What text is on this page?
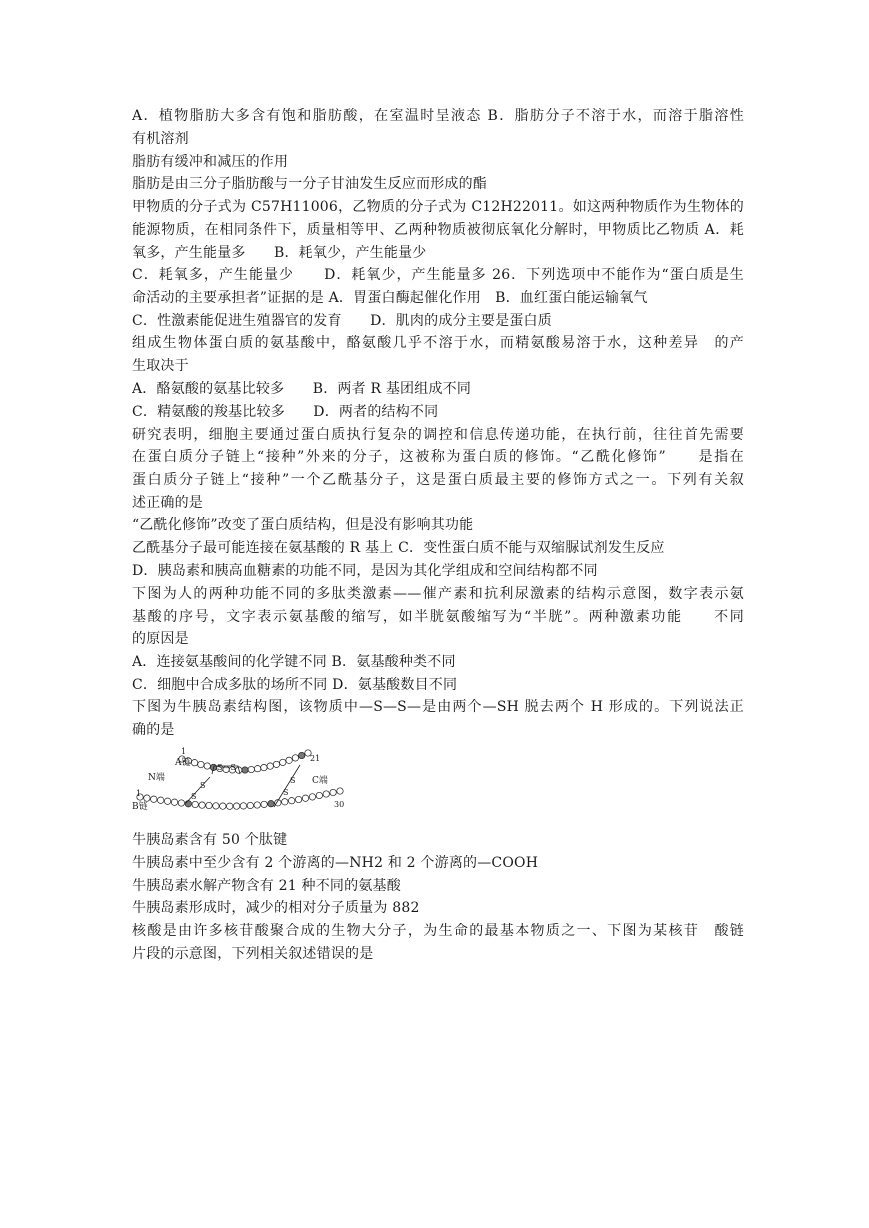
A．植物脂肪大多含有饱和脂肪酸，在室温时呈液态 B．脂肪分子不溶于水，而溶于脂溶性
有机溶剂
脂肪有缓冲和减压的作用
脂肪是由三分子脂肪酸与一分子甘油发生反应而形成的酯
甲物质的分子式为 C57H11006，乙物质的分子式为 C12H22011。如这两种物质作为生物体的
能源物质，在相同条件下，质量相等甲、乙两种物质被彻底氧化分解时，甲物质比乙物质 A．耗
氧多，产生能量多　　B．耗氧少，产生能量少
C．耗氧多，产生能量少　　D．耗氧少，产生能量多 26．下列选项中不能作为“蛋白质是生
命活动的主要承担者”证据的是 A．胃蛋白酶起催化作用　B．血红蛋白能运输氧气
C．性激素能促进生殖器官的发育　　D．肌肉的成分主要是蛋白质
组成生物体蛋白质的氨基酸中，酪氨酸几乎不溶于水，而精氨酸易溶于水，这种差异　的产
生取决于
A．酪氨酸的氨基比较多　　B．两者 R 基团组成不同
C．精氨酸的羧基比较多　　D．两者的结构不同
研究表明，细胞主要通过蛋白质执行复杂的调控和信息传递功能，在执行前，往往首先需要
在蛋白质分子链上“接种”外来的分子，这被称为蛋白质的修饰。“乙酰化修饰”　　是指在
蛋白质分子链上“接种”一个乙酰基分子，这是蛋白质最主要的修饰方式之一。下列有关叙
述正确的是
“乙酰化修饰”改变了蛋白质结构，但是没有影响其功能
乙酰基分子最可能连接在氨基酸的 R 基上 C．变性蛋白质不能与双缩脲试剂发生反应
D．胰岛素和胰高血糖素的功能不同，是因为其化学组成和空间结构都不同
下图为人的两种功能不同的多肽类激素——催产素和抗利尿激素的结构示意图，数字表示氨
基酸的序号，文字表示氨基酸的缩写，如半胱氨酸缩写为“半胱”。两种激素功能　　不同
的原因是
A．连接氨基酸间的化学键不同 B．氨基酸种类不同
C．细胞中合成多肽的场所不同 D．氨基酸数目不同
下图为牛胰岛素结构图，该物质中—S—S—是由两个—SH 脱去两个 H 形成的。下列说法正
确的是
S—S
S
S
S
S
1
A链
N端
1
B链
21
C端
30
牛胰岛素含有 50 个肽键
牛胰岛素中至少含有 2 个游离的—NH2 和 2 个游离的—COOH
牛胰岛素水解产物含有 21 种不同的氨基酸
牛胰岛素形成时，减少的相对分子质量为 882
核酸是由许多核苷酸聚合成的生物大分子，为生命的最基本物质之一、下图为某核苷　酸链
片段的示意图，下列相关叙述错误的是
